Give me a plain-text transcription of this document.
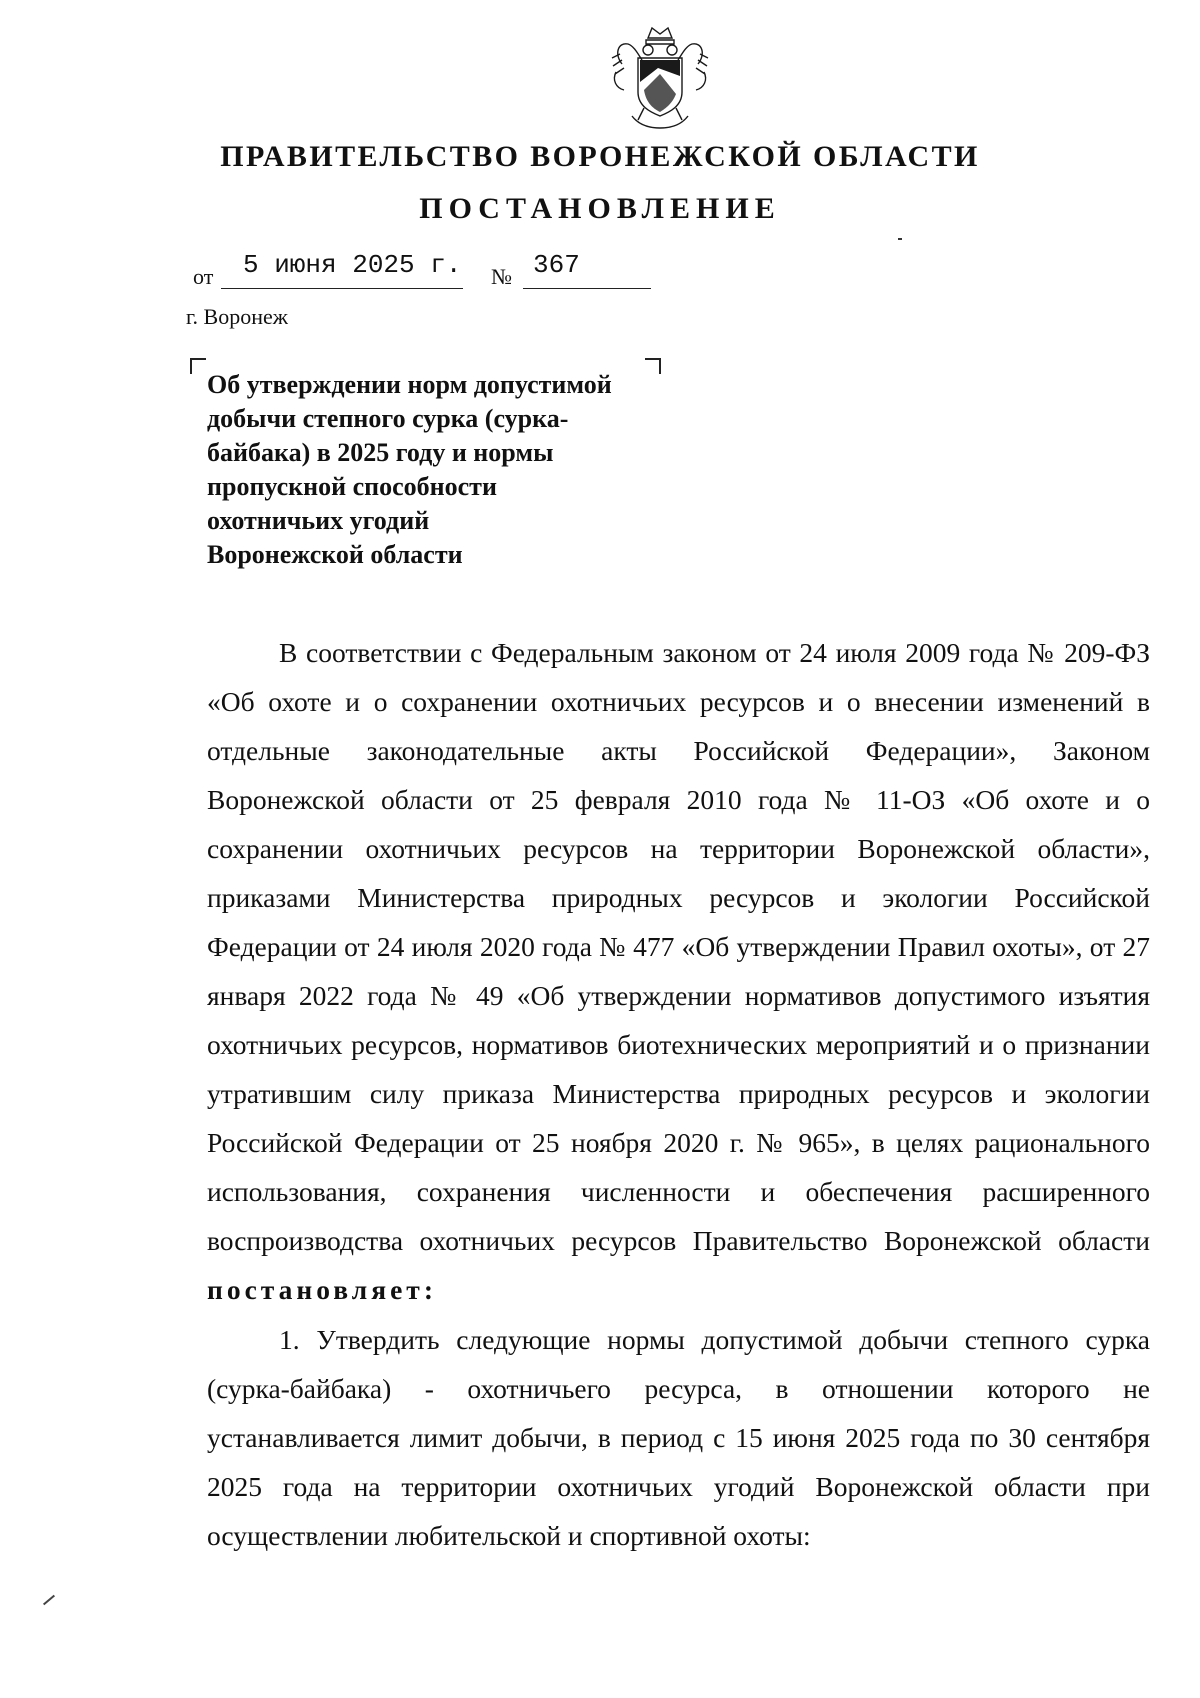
ПРАВИТЕЛЬСТВО ВОРОНЕЖСКОЙ ОБЛАСТИ
ПОСТАНОВЛЕНИЕ
от 5 июня 2025 г. № 367
г. Воронеж
Об утверждении норм допустимой
добычи степного сурка (сурка-
байбака) в 2025 году и нормы
пропускной способности
охотничьих угодий
Воронежской области

В соответствии с Федеральным законом от 24 июля 2009 года № 209-ФЗ «Об охоте и о сохранении охотничьих ресурсов и о внесении изменений в отдельные законодательные акты Российской Федерации», Законом Воронежской области от 25 февраля 2010 года № 11-ОЗ «Об охоте и о сохранении охотничьих ресурсов на территории Воронежской области», приказами Министерства природных ресурсов и экологии Российской Федерации от 24 июля 2020 года № 477 «Об утверждении Правил охоты», от 27 января 2022 года № 49 «Об утверждении нормативов допустимого изъятия охотничьих ресурсов, нормативов биотехнических мероприятий и о признании утратившим силу приказа Министерства природных ресурсов и экологии Российской Федерации от 25 ноября 2020 г. № 965», в целях рационального использования, сохранения численности и обеспечения расширенного воспроизводства охотничьих ресурсов Правительство Воронежской области постановляет:

1. Утвердить следующие нормы допустимой добычи степного сурка (сурка-байбака) - охотничьего ресурса, в отношении которого не устанавливается лимит добычи, в период с 15 июня 2025 года по 30 сентября 2025 года на территории охотничьих угодий Воронежской области при осуществлении любительской и спортивной охоты:
